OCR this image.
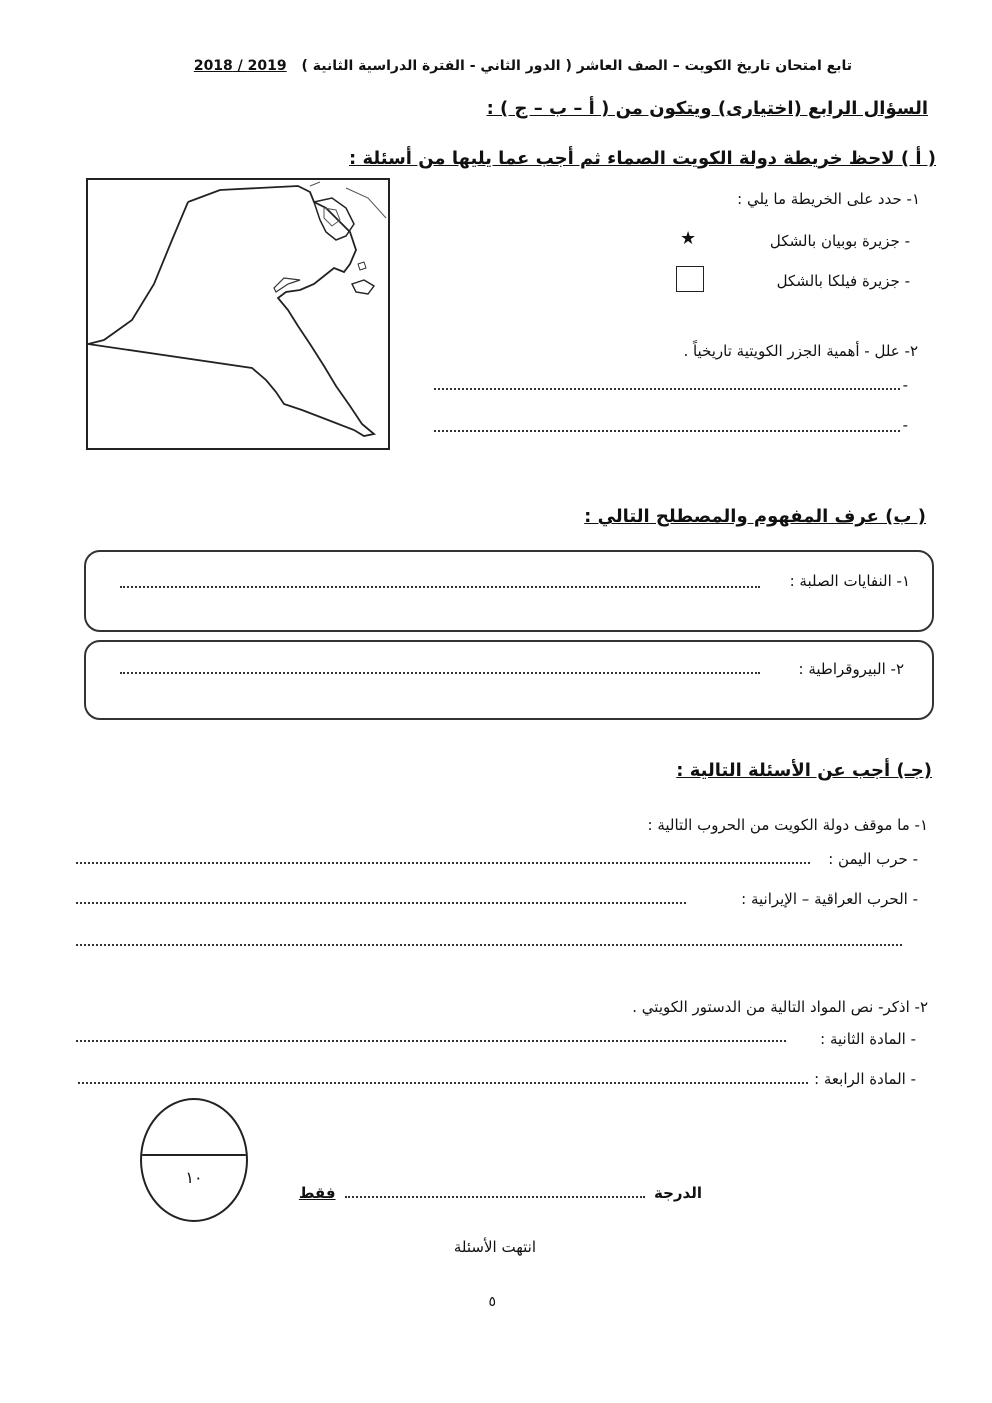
تابع امتحان تاريخ الكويت – الصف العاشر ( الدور الثاني - الفترة الدراسية الثانية ) 2019 / 2018
السؤال الرابع (اختيارى) ويتكون من ( أ – ب – ج ) :
( أ ) لاحظ خريطة دولة الكويت الصماء ثم أجب عما يليها من أسئلة :
١- حدد على الخريطة ما يلي :
- جزيرة بوبيان بالشكل
★
- جزيرة فيلكا بالشكل
٢- علل - أهمية الجزر الكويتية تاريخياً .
-
-
( ب) عرف المفهوم والمصطلح التالي :
١- النفايات الصلبة :
٢- البيروقراطية :
(جـ) أجب عن الأسئلة التالية :
١- ما موقف دولة الكويت من الحروب التالية :
- حرب اليمن :
- الحرب العراقية – الإيرانية :
٢- اذكر- نص المواد التالية من الدستور الكويتي .
- المادة الثانية :
- المادة الرابعة :
١٠
الدرجة  فقط
انتهت الأسئلة
٥
